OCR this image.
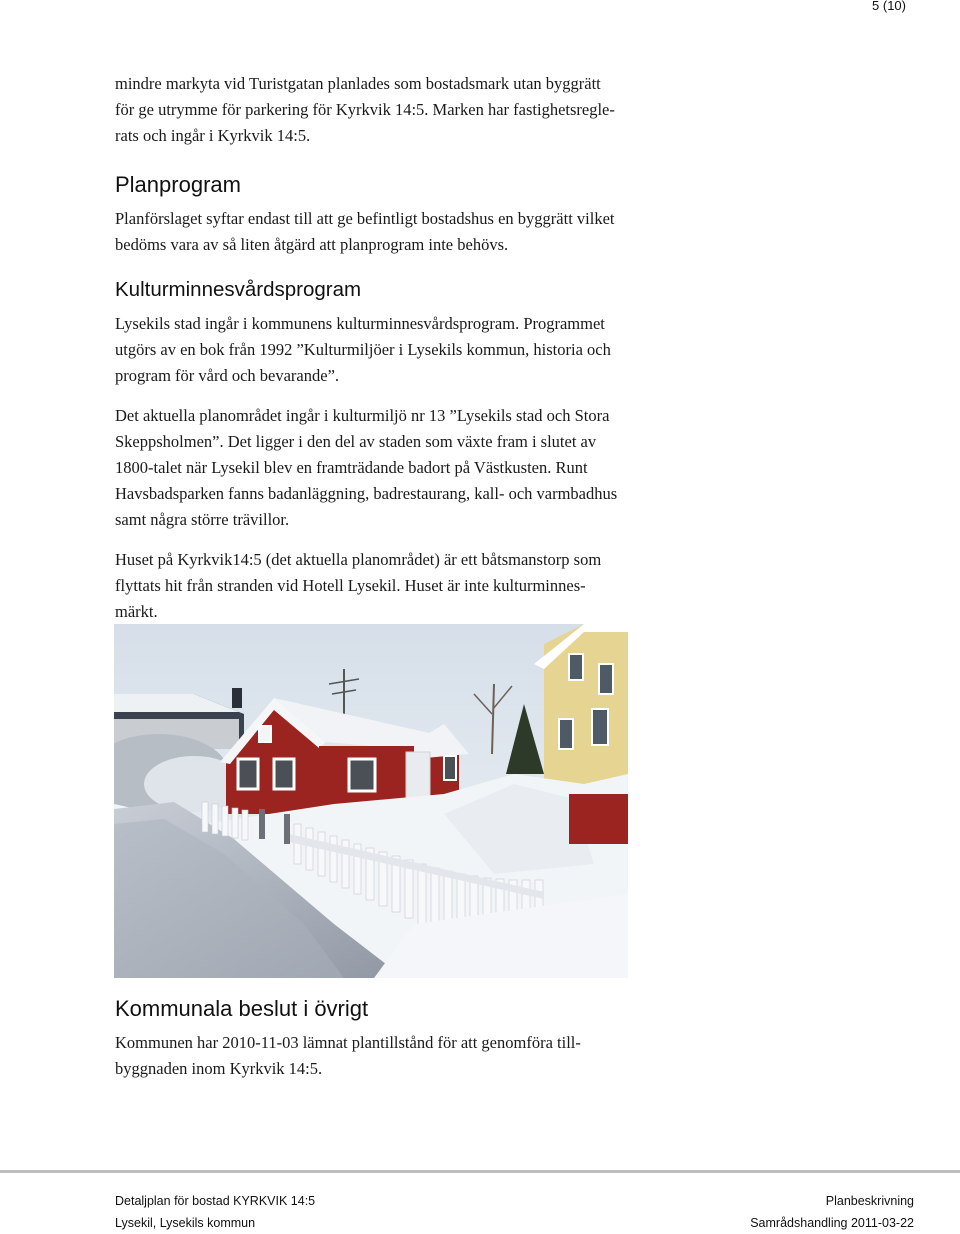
5 (10)

mindre markyta vid Turistgatan planlades som bostadsmark utan byggrätt

för ge utrymme för parkering för Kyrkvik 14:5. Marken har fastighetsregle-

rats och ingår i Kyrkvik 14:5.

Planprogram

Planförslaget syftar endast till att ge befintligt bostadshus en byggrätt vilket

bedöms vara av så liten åtgärd att planprogram inte behövs.

Kulturminnesvårdsprogram

Lysekils stad ingår i kommunens kulturminnesvårdsprogram. Programmet

utgörs av en bok från 1992 ”Kulturmiljöer i Lysekils kommun, historia och

program för vård och bevarande”.

Det aktuella planområdet ingår i kulturmiljö nr 13 ”Lysekils stad och Stora

Skeppsholmen”. Det ligger i den del av staden som växte fram i slutet av

1800-talet när Lysekil blev en framträdande badort på Västkusten. Runt

Havsbadsparken fanns badanläggning, badrestaurang, kall- och varmbadhus

samt några större trävillor.

Huset på Kyrkvik14:5 (det aktuella planområdet) är ett båtsmanstorp som

flyttats hit från stranden vid Hotell Lysekil. Huset är inte kulturminnes-

märkt.

Kommunala beslut i övrigt

Kommunen har 2010-11-03 lämnat plantillstånd för att genomföra till-

byggnaden inom Kyrkvik 14:5.

Detaljplan för bostad KYRKVIK 14:5
Lysekil, Lysekils kommun
Planbeskrivning
Samrådshandling 2011-03-22
